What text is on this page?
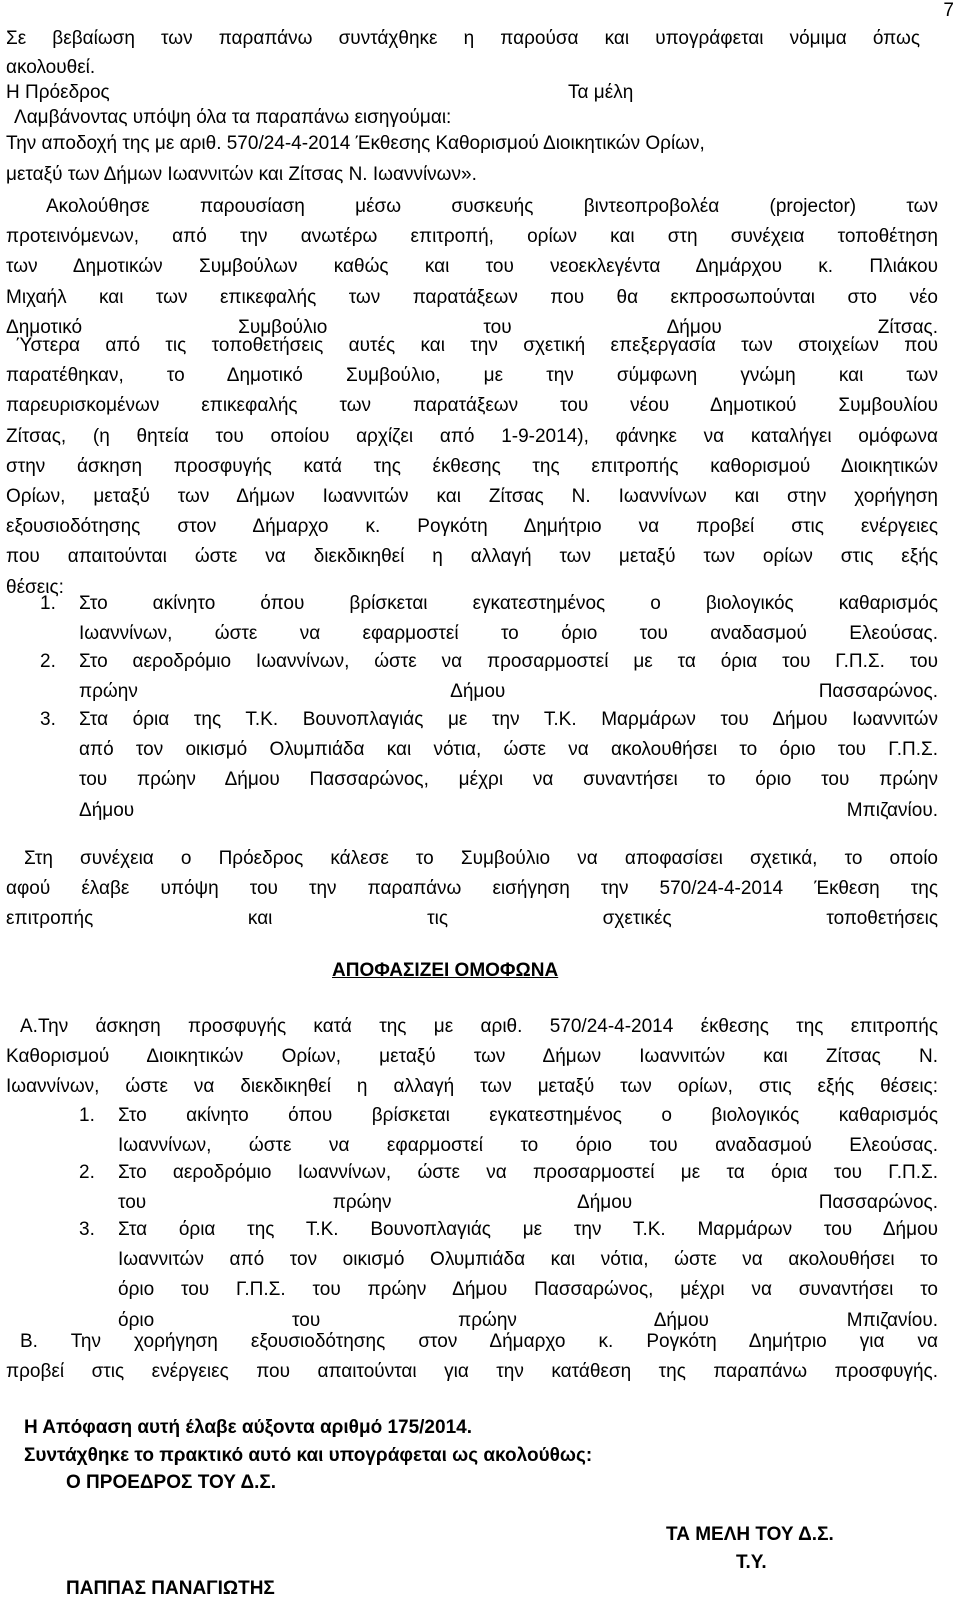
7
Σε βεβαίωση των παραπάνω συντάχθηκε η παρούσα και υπογράφεται νόμιμα όπως
ακολουθεί.
Η Πρόεδρος	Τα μέλη
Λαμβάνοντας υπόψη όλα τα παραπάνω εισηγούμαι:
Την αποδοχή της με αριθ. 570/24-4-2014 Έκθεσης Καθορισμού Διοικητικών Ορίων,
μεταξύ των Δήμων Ιωαννιτών και Ζίτσας Ν. Ιωαννίνων».
Ακολούθησε παρουσίαση μέσω συσκευής βιντεοπροβολέα (projector) των
προτεινόμενων, από την ανωτέρω επιτροπή, ορίων και στη συνέχεια τοποθέτηση
των Δημοτικών Συμβούλων καθώς και του νεοεκλεγέντα Δημάρχου κ. Πλιάκου
Μιχαήλ και των επικεφαλής των παρατάξεων που θα εκπροσωπούνται στο νέο
Δημοτικό Συμβούλιο του Δήμου Ζίτσας.
Ύστερα από τις τοποθετήσεις αυτές και την σχετική επεξεργασία των στοιχείων που
παρατέθηκαν, το Δημοτικό Συμβούλιο, με την σύμφωνη γνώμη και των
παρευρισκομένων επικεφαλής των παρατάξεων του νέου Δημοτικού Συμβουλίου
Ζίτσας, (η θητεία του οποίου αρχίζει από 1-9-2014), φάνηκε να καταλήγει ομόφωνα
στην άσκηση προσφυγής κατά της έκθεσης της επιτροπής καθορισμού Διοικητικών
Ορίων, μεταξύ των Δήμων Ιωαννιτών και Ζίτσας Ν. Ιωαννίνων και στην χορήγηση
εξουσιοδότησης στον Δήμαρχο κ. Ρογκότη Δημήτριο να προβεί στις ενέργειες
που απαιτούνται ώστε να διεκδικηθεί η αλλαγή των μεταξύ των ορίων στις εξής
θέσεις:
1. Στο ακίνητο όπου βρίσκεται εγκατεστημένος ο βιολογικός καθαρισμός
Ιωαννίνων, ώστε να εφαρμοστεί το όριο του αναδασμού Ελεούσας.
2. Στο αεροδρόμιο Ιωαννίνων, ώστε να προσαρμοστεί με τα όρια του Γ.Π.Σ. του
πρώην Δήμου Πασσαρώνος.
3. Στα όρια της Τ.Κ. Βουνοπλαγιάς με την Τ.Κ. Μαρμάρων του Δήμου Ιωαννιτών
από τον οικισμό Ολυμπιάδα και νότια, ώστε να ακολουθήσει το όριο του Γ.Π.Σ.
του πρώην Δήμου Πασσαρώνος, μέχρι να συναντήσει το όριο του πρώην
Δήμου Μπιζανίου.
Στη συνέχεια ο Πρόεδρος κάλεσε το Συμβούλιο να αποφασίσει σχετικά, το οποίο
αφού έλαβε υπόψη του την παραπάνω εισήγηση την 570/24-4-2014 Έκθεση της
επιτροπής και τις σχετικές τοποθετήσεις
ΑΠΟΦΑΣΙΖΕΙ ΟΜΟΦΩΝΑ
Α.Την άσκηση προσφυγής κατά της με αριθ. 570/24-4-2014 έκθεσης της επιτροπής
Καθορισμού Διοικητικών Ορίων, μεταξύ των Δήμων Ιωαννιτών και Ζίτσας Ν.
Ιωαννίνων, ώστε να διεκδικηθεί η αλλαγή των μεταξύ των ορίων, στις εξής θέσεις:
1. Στο ακίνητο όπου βρίσκεται εγκατεστημένος ο βιολογικός καθαρισμός
Ιωαννίνων, ώστε να εφαρμοστεί το όριο του αναδασμού Ελεούσας.
2. Στο αεροδρόμιο Ιωαννίνων, ώστε να προσαρμοστεί με τα όρια του Γ.Π.Σ.
του πρώην Δήμου Πασσαρώνος.
3. Στα όρια της Τ.Κ. Βουνοπλαγιάς με την Τ.Κ. Μαρμάρων του Δήμου
Ιωαννιτών από τον οικισμό Ολυμπιάδα και νότια, ώστε να ακολουθήσει το
όριο του Γ.Π.Σ. του πρώην Δήμου Πασσαρώνος, μέχρι να συναντήσει το
όριο του πρώην Δήμου Μπιζανίου.
Β. Την χορήγηση εξουσιοδότησης στον Δήμαρχο κ. Ρογκότη Δημήτριο για να
προβεί στις ενέργειες που απαιτούνται για την κατάθεση της παραπάνω προσφυγής.
Η Απόφαση αυτή έλαβε αύξοντα αριθμό 175/2014.
Συντάχθηκε το πρακτικό αυτό και υπογράφεται ως ακολούθως:
Ο ΠΡΟΕΔΡΟΣ ΤΟΥ Δ.Σ.
ΤΑ ΜΕΛΗ ΤΟΥ Δ.Σ.
Τ.Υ.
ΠΑΠΠΑΣ ΠΑΝΑΓΙΩΤΗΣ
